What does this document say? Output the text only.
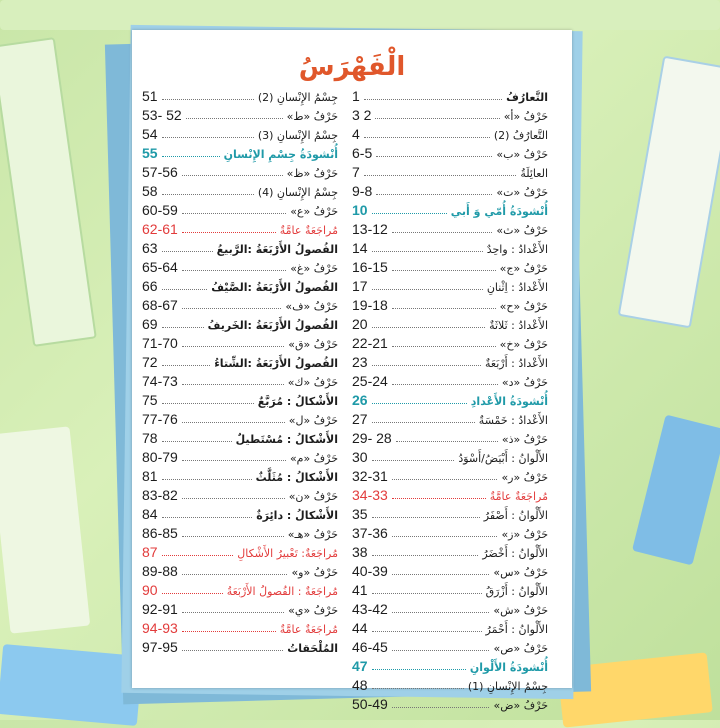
الْفَهْرَسُ
1	التَّعارُفُ
3 2	حَرْفُ «أ»
4	التَّعارُفُ (2)
6-5	حَرْفُ «ب»
7	العائِلَةُ
9-8	حَرْفُ «ت»
10	أُنْشودَةُ أُمّي وَ أَبي
13-12	حَرْفُ «ث»
14	الأَعْدادُ : واحِدٌ
16-15	حَرْفُ «ج»
17	الأَعْدادُ : اِثْنانِ
19-18	حَرْفُ «ح»
20	الأَعْدادُ : ثَلاثَةٌ
22-21	حَرْفُ «خ»
23	الأَعْدادُ : أَرْبَعَةٌ
25-24	حَرْفُ «د»
26	أُنْشودَةُ الأَعْدادِ
27	الأَعْدادُ : خَمْسَةٌ
29- 28	حَرْفُ «ذ»
30	الأَلْوانُ : أَبْيَضُ/أَسْوَدُ
32-31	حَرْفُ «ر»
34-33	مُراجَعَةٌ عامَّةٌ
35	الأَلْوانُ : أَصْفَرُ
37-36	حَرْفُ «ز»
38	الأَلْوانُ : أَخْضَرُ
40-39	حَرْفُ «س»
41	الأَلْوانُ : أَزْرَقُ
43-42	حَرْفُ «ش»
44	الأَلْوانُ : أَحْمَرُ
46-45	حَرْفُ «ص»
47	أُنْشودَةُ الأَلْوانِ
48	جِسْمُ الإِنْسانِ (1)
50-49	حَرْفُ «ض»
51	جِسْمُ الإِنْسانِ (2)
53- 52	حَرْفُ «ط»
54	جِسْمُ الإِنْسانِ (3)
55	أُنْشودَةُ جِسْمِ الإِنْسانِ
57-56	حَرْفُ «ظ»
58	جِسْمُ الإِنْسانِ (4)
60-59	حَرْفُ «ع»
62-61	مُراجَعَةٌ عامَّةٌ
63	الفُصولُ الأَرْبَعَةُ :الرَّبيعُ
65-64	حَرْفُ «غ»
66	الفُصولُ الأَرْبَعَةُ :الصَّيْفُ
68-67	حَرْفُ «ف»
69	الفُصولُ الأَرْبَعَةُ :الخَريفُ
71-70	حَرْفُ «ق»
72	الفُصولُ الأَرْبَعَةُ :الشِّتاءُ
74-73	حَرْفُ «ك»
75	الأَشْكالُ : مُرَبَّعٌ
77-76	حَرْفُ «ل»
78	الأَشْكالُ : مُسْتَطيلٌ
80-79	حَرْفُ «م»
81	الأَشْكالُ : مُثَلَّثٌ
83-82	حَرْفُ «ن»
84	الأَشْكالُ : دائِرَةٌ
86-85	حَرْفُ «هـ»
87	مُراجَعَةٌ: تَعْبيرُ الأَشْكالِ
89-88	حَرْفُ «و»
90	مُراجَعَةٌ : الفُصولُ الأَرْبَعَةُ
92-91	حَرْفُ «ي»
94-93	مُراجَعَةٌ عامَّةٌ
97-95	المُلْحَقاتُ
